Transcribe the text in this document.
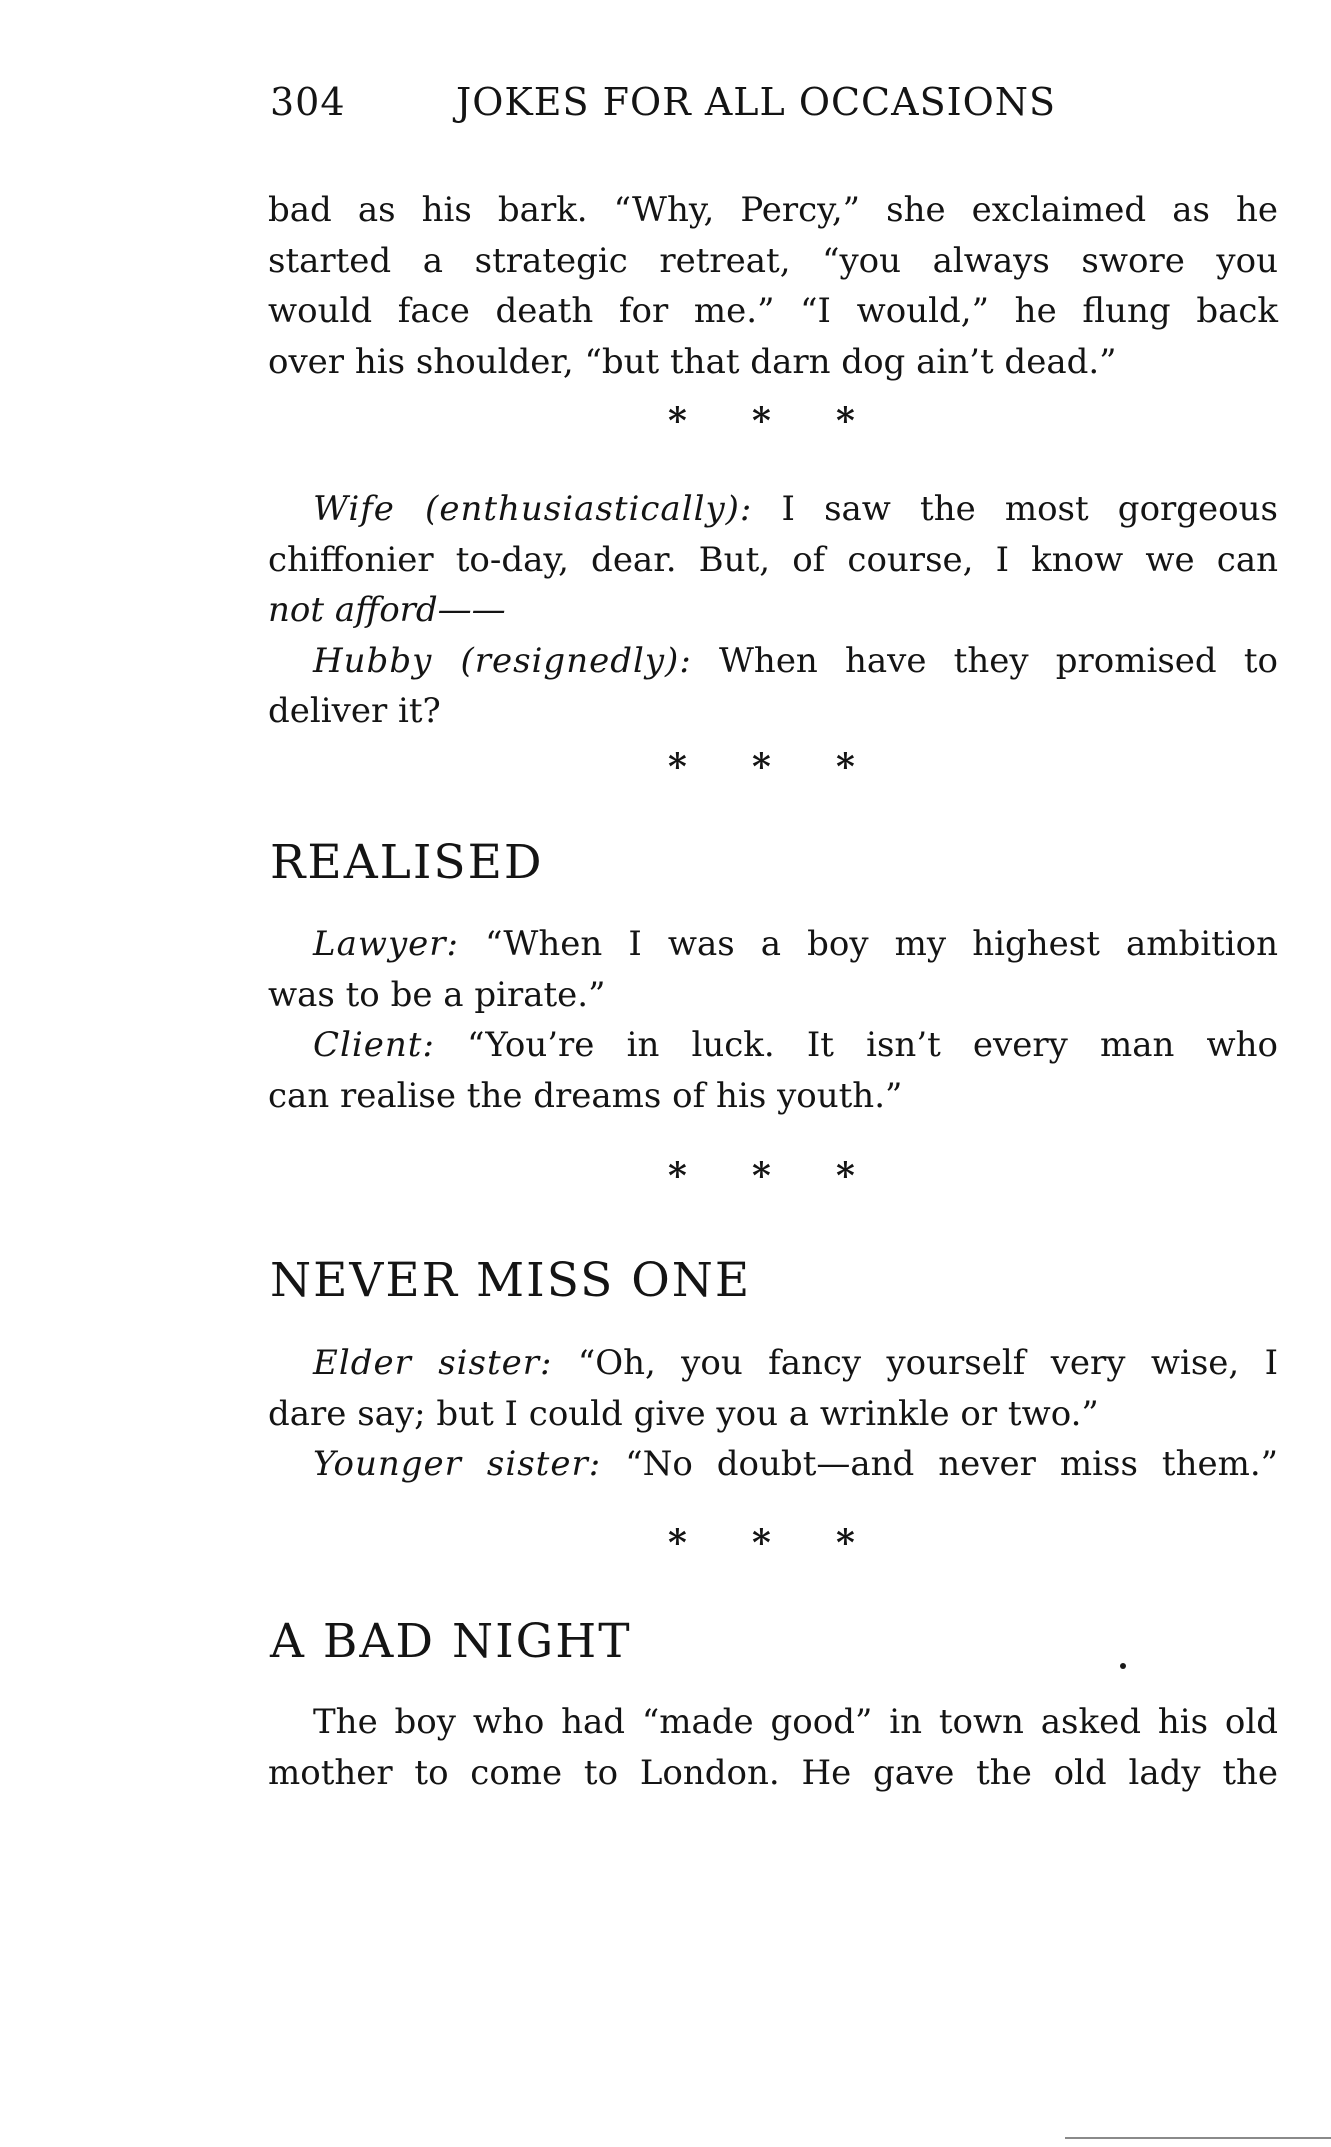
304	JOKES FOR ALL OCCASIONS
bad as his bark. “Why, Percy,” she exclaimed as he
started a strategic retreat, “you always swore you
would face death for me.” “I would,” he flung back
over his shoulder, “but that darn dog ain’t dead.”
* * *
Wife (enthusiastically): I saw the most gorgeous
chiffonier to-day, dear. But, of course, I know we can
not afford——
Hubby (resignedly): When have they promised to
deliver it?
* * *
REALISED
Lawyer: “When I was a boy my highest ambition
was to be a pirate.”
Client: “You’re in luck. It isn’t every man who
can realise the dreams of his youth.”
* * *
NEVER MISS ONE
Elder sister: “Oh, you fancy yourself very wise, I
dare say; but I could give you a wrinkle or two.”
Younger sister: “No doubt—and never miss them.”
* * *
A BAD NIGHT
The boy who had “made good” in town asked his old
mother to come to London. He gave the old lady the
